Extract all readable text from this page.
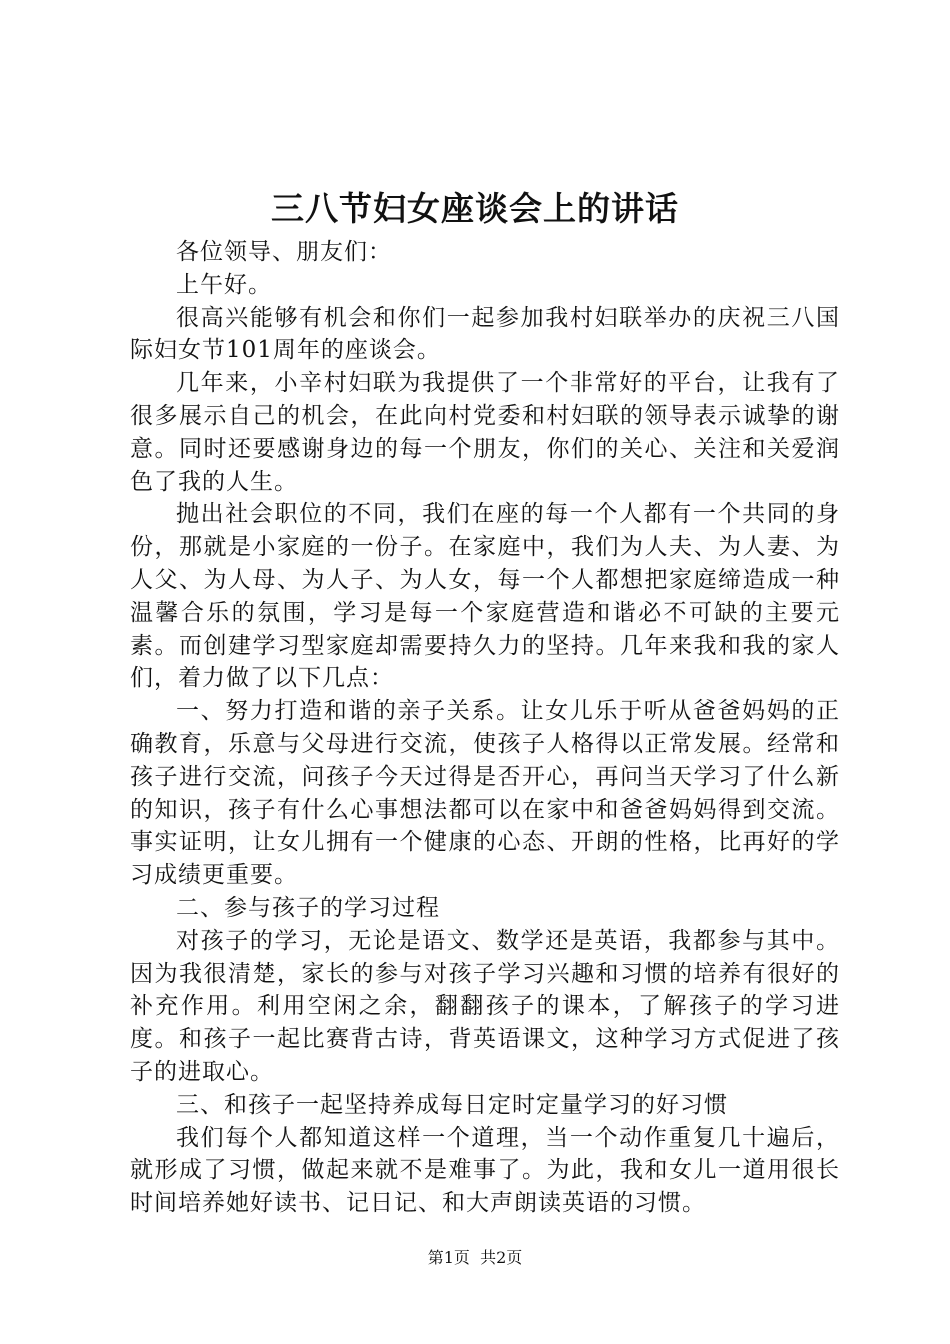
三八节妇女座谈会上的讲话

各位领导、朋友们：

上午好。

很高兴能够有机会和你们一起参加我村妇联举办的庆祝三八国际妇女节101周年的座谈会。

几年来，小辛村妇联为我提供了一个非常好的平台，让我有了很多展示自己的机会，在此向村党委和村妇联的领导表示诚挚的谢意。同时还要感谢身边的每一个朋友，你们的关心、关注和关爱润色了我的人生。

抛出社会职位的不同，我们在座的每一个人都有一个共同的身份，那就是小家庭的一份子。在家庭中，我们为人夫、为人妻、为人父、为人母、为人子、为人女，每一个人都想把家庭缔造成一种温馨合乐的氛围，学习是每一个家庭营造和谐必不可缺的主要元素。而创建学习型家庭却需要持久力的坚持。几年来我和我的家人们，着力做了以下几点：

一、努力打造和谐的亲子关系。让女儿乐于听从爸爸妈妈的正确教育，乐意与父母进行交流，使孩子人格得以正常发展。经常和孩子进行交流，问孩子今天过得是否开心，再问当天学习了什么新的知识，孩子有什么心事想法都可以在家中和爸爸妈妈得到交流。事实证明，让女儿拥有一个健康的心态、开朗的性格，比再好的学习成绩更重要。

二、参与孩子的学习过程

对孩子的学习，无论是语文、数学还是英语，我都参与其中。因为我很清楚，家长的参与对孩子学习兴趣和习惯的培养有很好的补充作用。利用空闲之余，翻翻孩子的课本，了解孩子的学习进度。和孩子一起比赛背古诗，背英语课文，这种学习方式促进了孩子的进取心。

三、和孩子一起坚持养成每日定时定量学习的好习惯

我们每个人都知道这样一个道理，当一个动作重复几十遍后，就形成了习惯，做起来就不是难事了。为此，我和女儿一道用很长时间培养她好读书、记日记、和大声朗读英语的习惯。

第1页  共2页
